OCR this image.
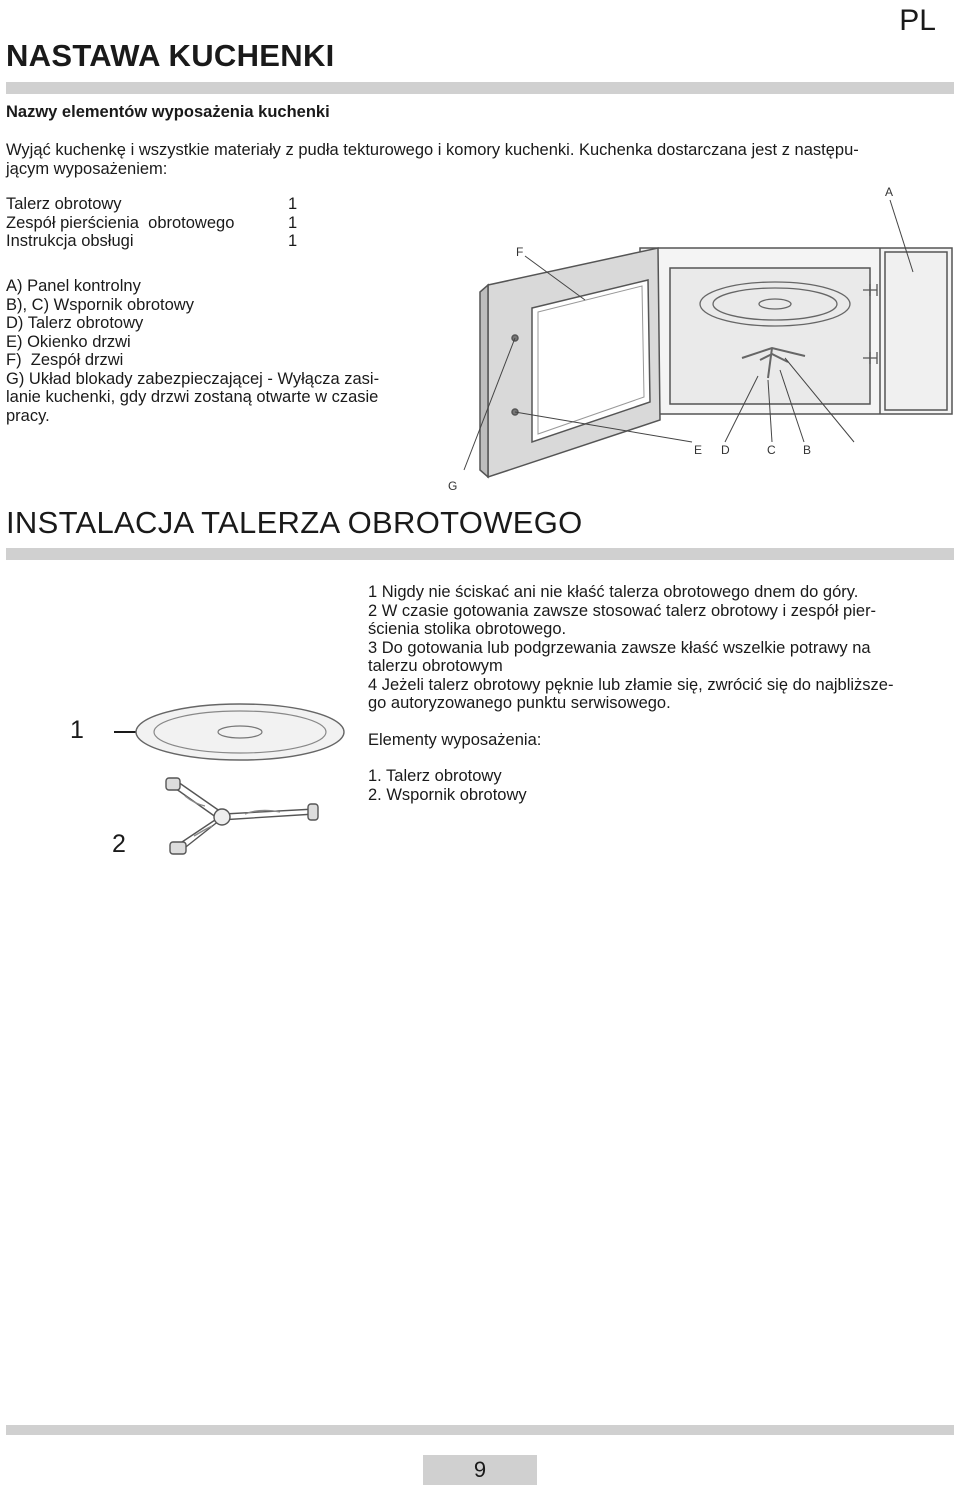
PL
NASTAWA KUCHENKI
Nazwy elementów wyposażenia kuchenki

Wyjąć kuchenkę i wszystkie materiały z pudła tekturowego i komory kuchenki. Kuchenka dostarczana jest z następu-
jącym wyposażeniem:

Talerz obrotowy	1
Zespół pierścienia  obrotowego	1
Instrukcja obsługi	1
A) Panel kontrolny
B), C) Wspornik obrotowy
D) Talerz obrotowy
E) Okienko drzwi
F)  Zespół drzwi
G) Układ blokady zabezpieczającej - Wyłącza zasi-
lanie kuchenki, gdy drzwi zostaną otwarte w czasie
pracy.
A
F
E D	C B
G
INSTALACJA TALERZA OBROTOWEGO
1
2
1 Nigdy nie ściskać ani nie kłaść talerza obrotowego dnem do góry.
2 W czasie gotowania zawsze stosować talerz obrotowy i zespół pier-
ścienia stolika obrotowego.
3 Do gotowania lub podgrzewania zawsze kłaść wszelkie potrawy na
talerzu obrotowym
4 Jeżeli talerz obrotowy pęknie lub złamie się, zwrócić się do najbliższe-
go autoryzowanego punktu serwisowego.
Elementy wyposażenia:
1. Talerz obrotowy
2. Wspornik obrotowy
9
